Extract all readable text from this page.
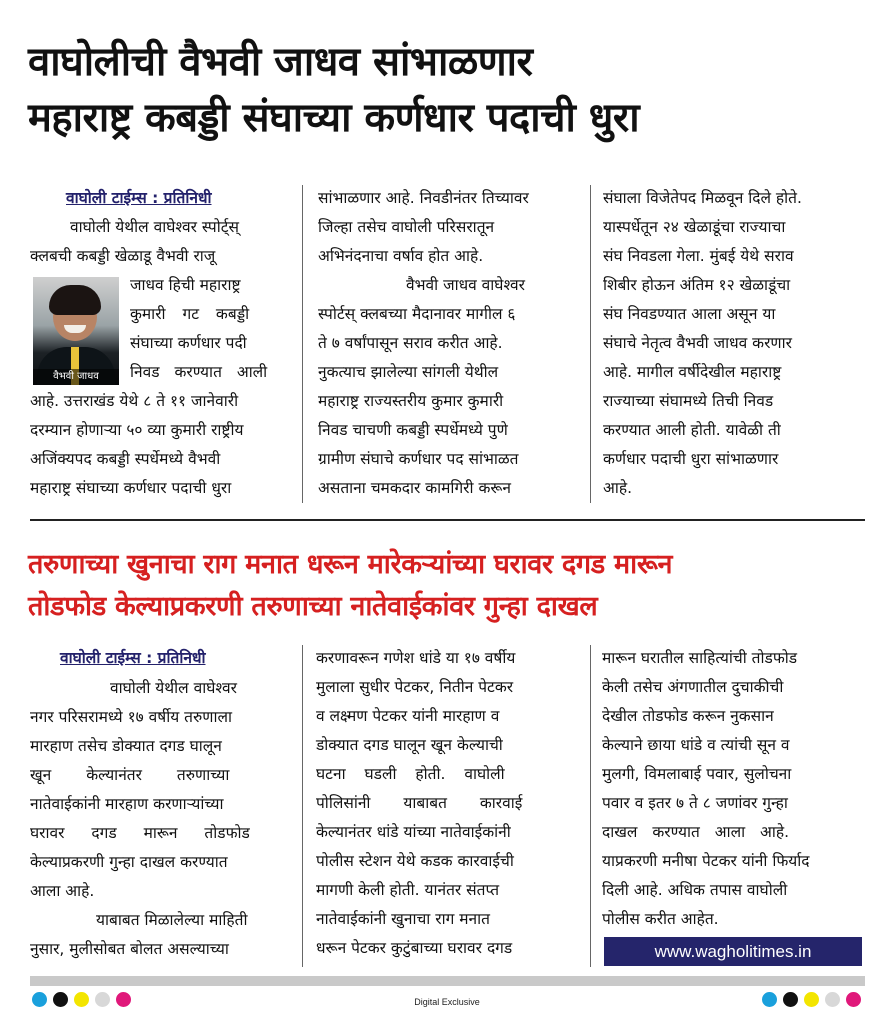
वाघोलीची वैभवी जाधव सांभाळणार
महाराष्ट्र कबड्डी संघाच्या कर्णधार पदाची धुरा
वाघोली टाईम्स : प्रतिनिधी
वैभवी जाधव

वाघोली येथील वाघेश्वर स्पोर्ट्स्

क्लबची कबड्डी खेळाडू वैभवी राजू

जाधव हिची महाराष्ट्र

कुमारी गट कबड्डी

संघाच्या कर्णधार पदी

निवड करण्यात आली

आहे. उत्तराखंड येथे ८ ते ११ जानेवारी

दरम्यान होणाऱ्या ५० व्या कुमारी राष्ट्रीय

अजिंक्यपद कबड्डी स्पर्धेमध्ये वैभवी

महाराष्ट्र संघाच्या कर्णधार पदाची धुरा

सांभाळणार आहे. निवडीनंतर तिच्यावर

जिल्हा तसेच वाघोली परिसरातून

अभिनंदनाचा वर्षाव होत आहे.

वैभवी जाधव वाघेश्वर

स्पोर्टस् क्लबच्या मैदानावर मागील ६

ते ७ वर्षांपासून सराव करीत आहे.

नुकत्याच झालेल्या सांगली येथील

महाराष्ट्र राज्यस्तरीय कुमार कुमारी

निवड चाचणी कबड्डी स्पर्धेमध्ये पुणे

ग्रामीण संघाचे कर्णधार पद सांभाळत

असताना चमकदार कामगिरी करून

संघाला विजेतेपद मिळवून दिले होते.

यास्पर्धेतून २४ खेळाडूंचा राज्याचा

संघ निवडला गेला. मुंबई येथे सराव

शिबीर होऊन अंतिम १२ खेळाडूंचा

संघ निवडण्यात आला असून या

संघाचे नेतृत्व वैभवी जाधव करणार

आहे. मागील वर्षीदेखील महाराष्ट्र

राज्याच्या संघामध्ये तिची निवड

करण्यात आली होती. यावेळी ती

कर्णधार पदाची धुरा सांभाळणार

आहे.

तरुणाच्या खुनाचा राग मनात धरून मारेकऱ्यांच्या घरावर दगड मारून
तोडफोड केल्याप्रकरणी तरुणाच्या नातेवाईकांवर गुन्हा दाखल
वाघोली टाईम्स : प्रतिनिधी

वाघोली येथील वाघेश्वर

नगर परिसरामध्ये १७ वर्षीय तरुणाला

मारहाण तसेच डोक्यात दगड घालून

खून केल्यानंतर तरुणाच्या

नातेवाईकांनी मारहाण करणाऱ्यांच्या

घरावर दगड मारून तोडफोड

केल्याप्रकरणी गुन्हा दाखल करण्यात

आला आहे.

याबाबत मिळालेल्या माहिती

नुसार, मुलीसोबत बोलत असल्याच्या

करणावरून गणेश धांडे या १७ वर्षीय

मुलाला सुधीर पेटकर, नितीन पेटकर

व लक्ष्मण पेटकर यांनी मारहाण व

डोक्यात दगड घालून खून केल्याची

घटना घडली होती. वाघोली

पोलिसांनी याबाबत कारवाई

केल्यानंतर धांडे यांच्या नातेवाईकांनी

पोलीस स्टेशन येथे कडक कारवाईची

मागणी केली होती. यानंतर संतप्त

नातेवाईकांनी खुनाचा राग मनात

धरून पेटकर कुटुंबाच्या घरावर दगड

मारून घरातील साहित्यांची तोडफोड

केली तसेच अंगणातील दुचाकीची

देखील तोडफोड करून नुकसान

केल्याने छाया धांडे व त्यांची सून व

मुलगी, विमलाबाई पवार, सुलोचना

पवार व इतर ७ ते ८ जणांवर गुन्हा

दाखल करण्यात आला आहे.

याप्रकरणी मनीषा पेटकर यांनी फिर्याद

दिली आहे. अधिक तपास वाघोली

पोलीस करीत आहेत.

www.wagholitimes.in
Digital Exclusive
